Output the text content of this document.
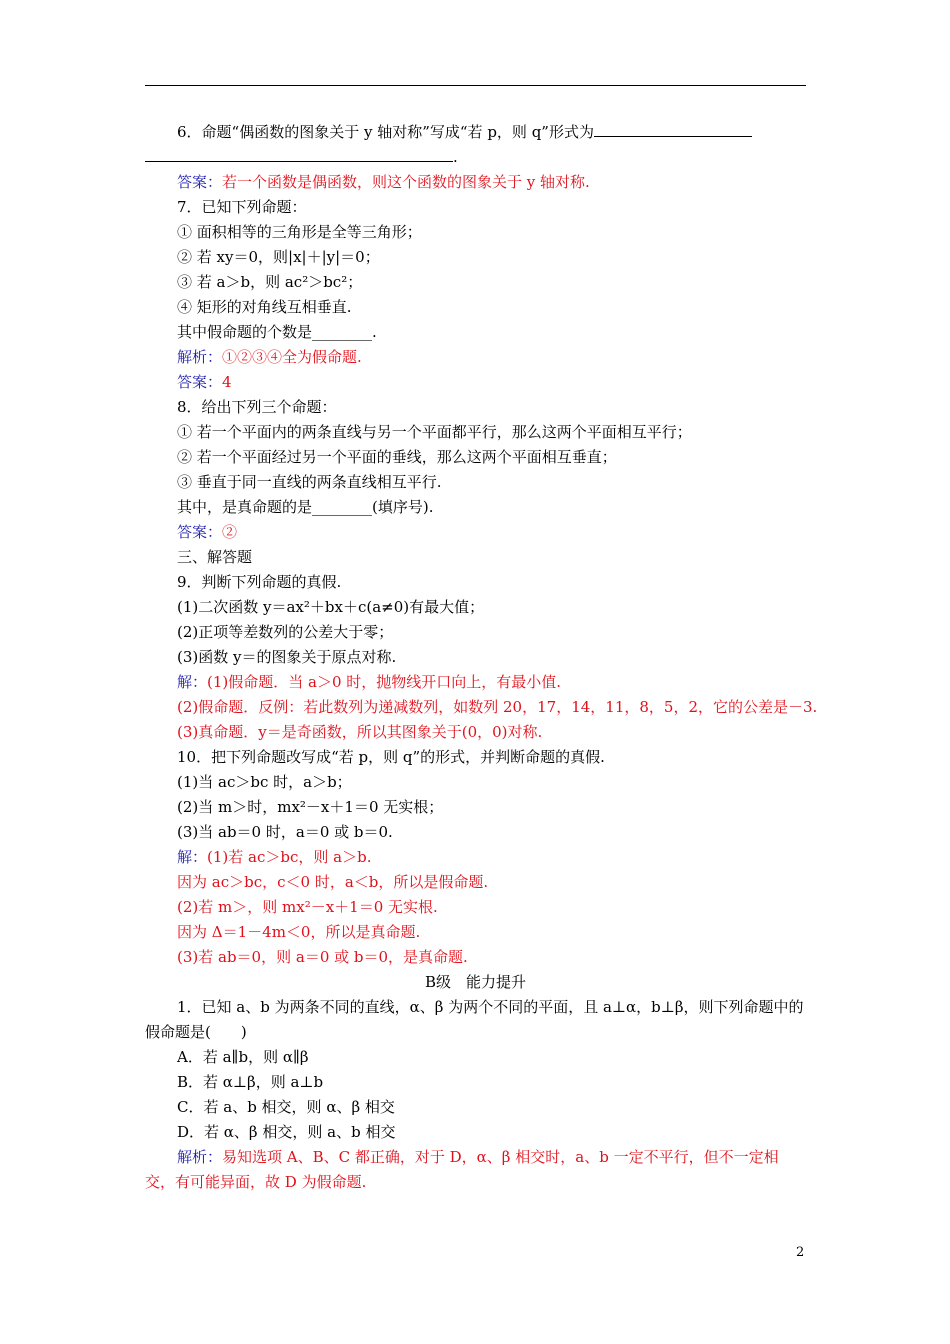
6．命题“偶函数的图象关于 y 轴对称”写成“若 p，则 q”形式为
.
答案：若一个函数是偶函数，则这个函数的图象关于 y 轴对称.
7．已知下列命题：
① 面积相等的三角形是全等三角形；
② 若 xy＝0，则|x|＋|y|＝0；
③ 若 a＞b，则 ac²＞bc²；
④ 矩形的对角线互相垂直.
其中假命题的个数是________.
解析：①②③④全为假命题.
答案：4
8．给出下列三个命题：
① 若一个平面内的两条直线与另一个平面都平行，那么这两个平面相互平行；
② 若一个平面经过另一个平面的垂线，那么这两个平面相互垂直；
③ 垂直于同一直线的两条直线相互平行.
其中，是真命题的是________(填序号).
答案：②
三、解答题
9．判断下列命题的真假.
(1)二次函数 y＝ax²＋bx＋c(a≠0)有最大值；
(2)正项等差数列的公差大于零；
(3)函数 y＝的图象关于原点对称.
解：(1)假命题．当 a＞0 时，抛物线开口向上，有最小值.
(2)假命题．反例：若此数列为递减数列，如数列 20，17，14，11，8，5，2，它的公差是－3.
(3)真命题．y＝是奇函数，所以其图象关于(0，0)对称.
10．把下列命题改写成“若 p，则 q”的形式，并判断命题的真假.
(1)当 ac＞bc 时，a＞b；
(2)当 m＞时，mx²－x＋1＝0 无实根；
(3)当 ab＝0 时，a＝0 或 b＝0.
解：(1)若 ac＞bc，则 a＞b.
因为 ac＞bc，c＜0 时，a＜b，所以是假命题.
(2)若 m＞，则 mx²－x＋1＝0 无实根.
因为 Δ＝1－4m＜0，所以是真命题.
(3)若 ab＝0，则 a＝0 或 b＝0，是真命题.
B级　能力提升
1．已知 a、b 为两条不同的直线，α、β 为两个不同的平面，且 a⊥α，b⊥β，则下列命题中的假命题是(　　)
A．若 a∥b，则 α∥β
B．若 α⊥β，则 a⊥b
C．若 a、b 相交，则 α、β 相交
D．若 α、β 相交，则 a、b 相交
解析：易知选项 A、B、C 都正确，对于 D，α、β 相交时，a、b 一定不平行，但不一定相交，有可能异面，故 D 为假命题.
2
